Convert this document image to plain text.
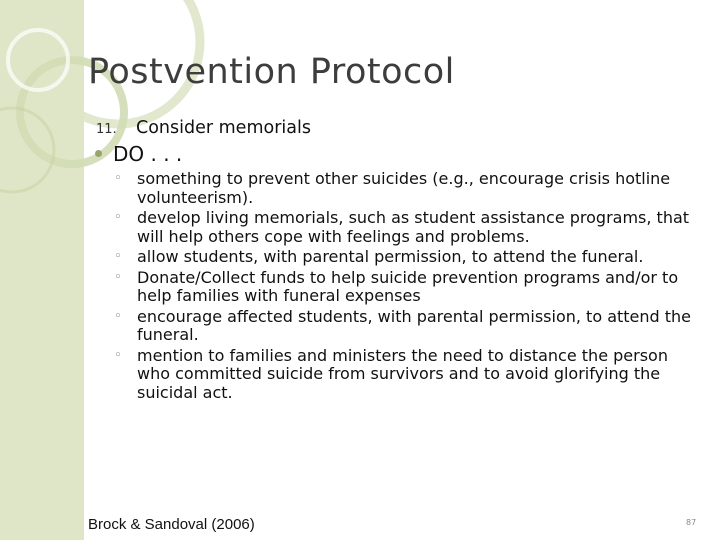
Postvention Protocol
11. Consider memorials
DO . . .
◦ something to prevent other suicides (e.g., encourage crisis hotline volunteerism).
◦ develop living memorials, such as student assistance programs, that will help others cope with feelings and problems.
◦ allow students, with parental permission, to attend the funeral.
◦ Donate/Collect funds to help suicide prevention programs and/or to help families with funeral expenses
◦ encourage affected students, with parental permission, to attend the funeral.
◦ mention to families and ministers the need to distance the person who committed suicide from survivors and to avoid glorifying the suicidal act.
Brock & Sandoval (2006)	87
